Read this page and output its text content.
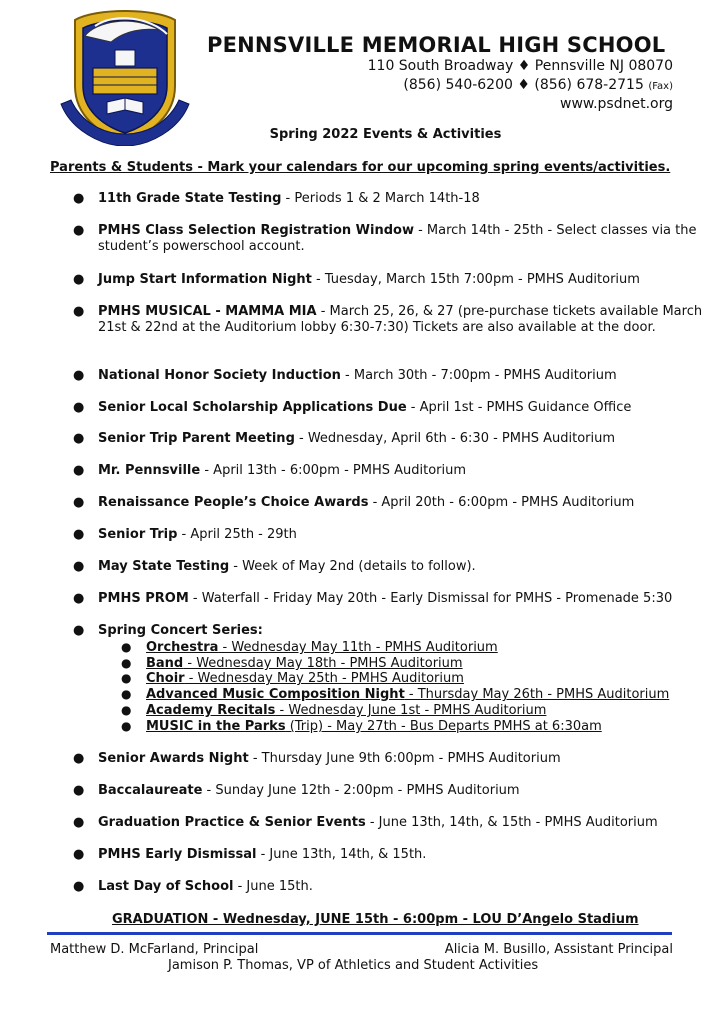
PENNSVILLE MEMORIAL HIGH SCHOOL
110 South Broadway ♦ Pennsville NJ 08070
(856) 540-6200 ♦ (856) 678-2715 (Fax)
www.psdnet.org
Spring 2022 Events & Activities
Parents & Students - Mark your calendars for our upcoming spring events/activities.
● 11th Grade State Testing - Periods 1 & 2 March 14th-18
● PMHS Class Selection Registration Window - March 14th - 25th - Select classes via the student’s powerschool account.
● Jump Start Information Night - Tuesday, March 15th 7:00pm - PMHS Auditorium
● PMHS MUSICAL - MAMMA MIA - March 25, 26, & 27 (pre-purchase tickets available March 21st & 22nd at the Auditorium lobby 6:30-7:30) Tickets are also available at the door.
● National Honor Society Induction - March 30th - 7:00pm - PMHS Auditorium
● Senior Local Scholarship Applications Due - April 1st - PMHS Guidance Office
● Senior Trip Parent Meeting - Wednesday, April 6th - 6:30 - PMHS Auditorium
● Mr. Pennsville - April 13th - 6:00pm - PMHS Auditorium
● Renaissance People’s Choice Awards - April 20th - 6:00pm - PMHS Auditorium
● Senior Trip - April 25th - 29th
● May State Testing - Week of May 2nd (details to follow).
● PMHS PROM - Waterfall - Friday May 20th - Early Dismissal for PMHS - Promenade 5:30
● Spring Concert Series:
● Senior Awards Night - Thursday June 9th 6:00pm - PMHS Auditorium
● Baccalaureate - Sunday June 12th - 2:00pm - PMHS Auditorium
● Graduation Practice & Senior Events - June 13th, 14th, & 15th - PMHS Auditorium
● PMHS Early Dismissal - June 13th, 14th, & 15th.
● Last Day of School - June 15th.
● Orchestra - Wednesday May 11th - PMHS Auditorium
● Band - Wednesday May 18th - PMHS Auditorium
● Choir - Wednesday May 25th - PMHS Auditorium
● Advanced Music Composition Night - Thursday May 26th - PMHS Auditorium
● Academy Recitals - Wednesday June 1st - PMHS Auditorium
● MUSIC in the Parks (Trip) - May 27th - Bus Departs PMHS at 6:30am
GRADUATION - Wednesday, JUNE 15th - 6:00pm - LOU D’Angelo Stadium
Matthew D. McFarland, Principal	Alicia M. Busillo, Assistant Principal
Jamison P. Thomas, VP of Athletics and Student Activities
